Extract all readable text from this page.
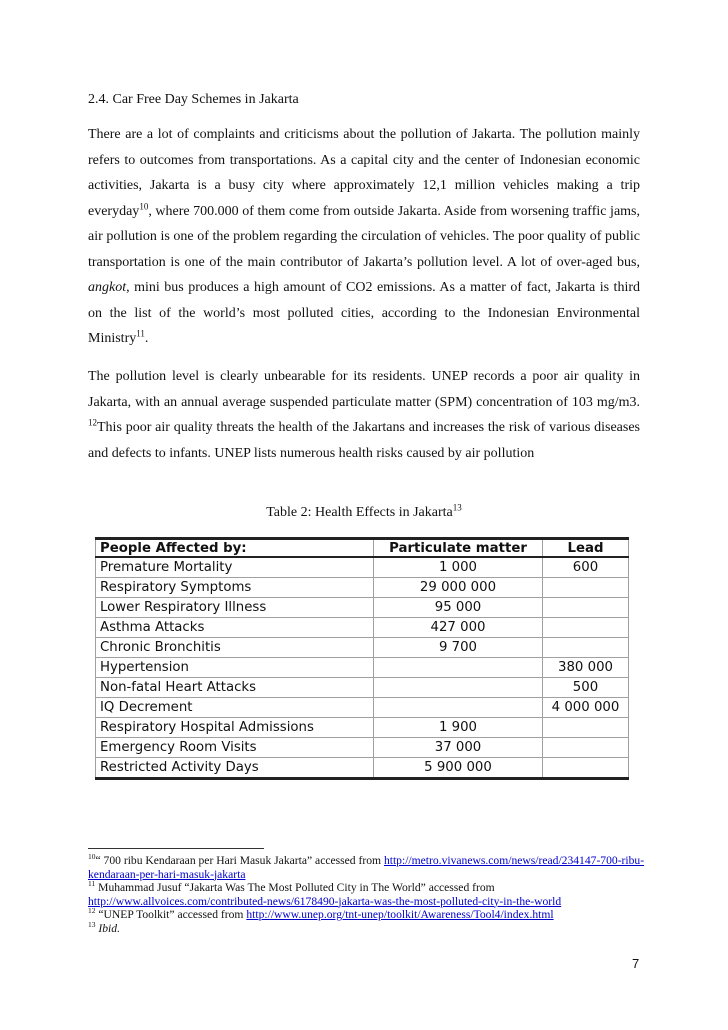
2.4. Car Free Day Schemes in Jakarta

There are a lot of complaints and criticisms about the pollution of Jakarta. The pollution mainly refers to outcomes from transportations. As a capital city and the center of Indonesian economic activities, Jakarta is a busy city where approximately 12,1 million vehicles making a trip everyday$^{10}$, where 700.000 of them come from outside Jakarta. Aside from worsening traffic jams, air pollution is one of the problem regarding the circulation of vehicles. The poor quality of public transportation is one of the main contributor of Jakarta’s pollution level. A lot of over-aged bus, angkot, mini bus produces a high amount of CO2 emissions. As a matter of fact, Jakarta is third on the list of the world’s most polluted cities, according to the Indonesian Environmental Ministry$^{11}$.

The pollution level is clearly unbearable for its residents. UNEP records a poor air quality in Jakarta, with an annual average suspended particulate matter (SPM) concentration of 103 mg/m3. $^{12}$This poor air quality threats the health of the Jakartans and increases the risk of various diseases and defects to infants. UNEP lists numerous health risks caused by air pollution

Table 2: Health Effects in Jakarta$^{13}$
People Affected by:	Particulate matter	Lead
Premature Mortality	1 000	600
Respiratory Symptoms	29 000 000	
Lower Respiratory Illness	95 000	
Asthma Attacks	427 000	
Chronic Bronchitis	9 700	
Hypertension		380 000
Non-fatal Heart Attacks		500
IQ Decrement		4 000 000
Respiratory Hospital Admissions	1 900	
Emergency Room Visits	37 000	
Restricted Activity Days	5 900 000	

$^{10}$“ 700 ribu Kendaraan per Hari Masuk Jakarta” accessed from http://metro.vivanews.com/news/read/234147-700-ribu-kendaraan-per-hari-masuk-jakarta

$^{11}$ Muhammad Jusuf “Jakarta Was The Most Polluted City in The World” accessed from http://www.allvoices.com/contributed-news/6178490-jakarta-was-the-most-polluted-city-in-the-world

$^{12}$ “UNEP Toolkit” accessed from http://www.unep.org/tnt-unep/toolkit/Awareness/Tool4/index.html

$^{13}$ Ibid.

7
